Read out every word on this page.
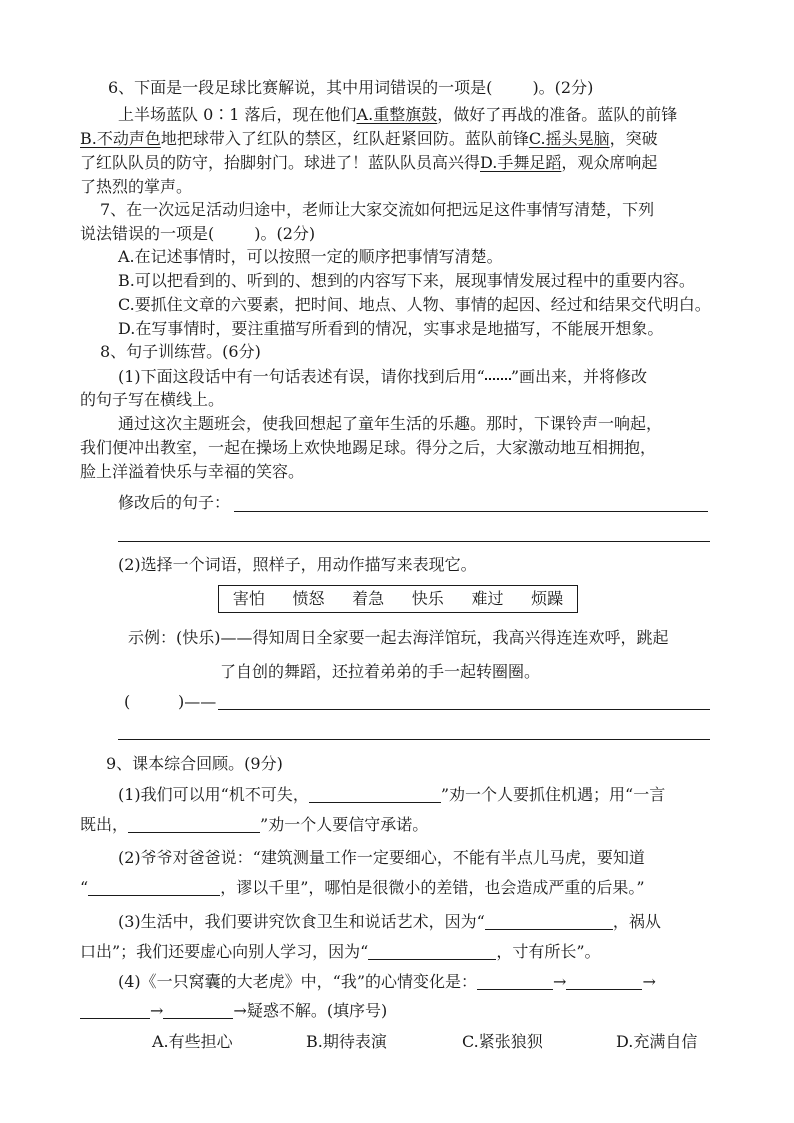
6、下面是一段足球比赛解说，其中用词错误的一项是(	)。(2分)
上半场蓝队 0∶1 落后，现在他们A.重整旗鼓，做好了再战的准备。蓝队的前锋
B.不动声色地把球带入了红队的禁区，红队赶紧回防。蓝队前锋C.摇头晃脑，突破
了红队队员的防守，抬脚射门。球进了！蓝队队员高兴得D.手舞足蹈，观众席响起
了热烈的掌声。
7、在一次远足活动归途中，老师让大家交流如何把远足这件事情写清楚，下列
说法错误的一项是(	)。(2分)
A.在记述事情时，可以按照一定的顺序把事情写清楚。
B.可以把看到的、听到的、想到的内容写下来，展现事情发展过程中的重要内容。
C.要抓住文章的六要素，把时间、地点、人物、事情的起因、经过和结果交代明白。
D.在写事情时，要注重描写所看到的情况，实事求是地描写，不能展开想象。
8、句子训练营。(6分)
(1)下面这段话中有一句话表述有误，请你找到后用“ ”画出来，并将修改
的句子写在横线上。
通过这次主题班会，使我回想起了童年生活的乐趣。那时，下课铃声一响起，
我们便冲出教室，一起在操场上欢快地踢足球。得分之后，大家激动地互相拥抱，
脸上洋溢着快乐与幸福的笑容。
修改后的句子：
(2)选择一个词语，照样子，用动作描写来表现它。
害怕 愤怒 着急 快乐 难过 烦躁
示例：(快乐)——得知周日全家要一起去海洋馆玩，我高兴得连连欢呼，跳起
了自创的舞蹈，还拉着弟弟的手一起转圈圈。
(	)——
9、课本综合回顾。(9分)
(1)我们可以用“机不可失，	”劝一个人要抓住机遇；用“一言
既出，	”劝一个人要信守承诺。
(2)爷爷对爸爸说：“建筑测量工作一定要细心，不能有半点儿马虎，要知道
“	，谬以千里”，哪怕是很微小的差错，也会造成严重的后果。”
(3)生活中，我们要讲究饮食卫生和说话艺术，因为“	，祸从
口出”；我们还要虚心向别人学习，因为“	，寸有所长”。
(4)《一只窝囊的大老虎》中，“我”的心情变化是：	→	→
→	→疑惑不解。(填序号)
A.有些担心	B.期待表演	C.紧张狼狈	D.充满自信
